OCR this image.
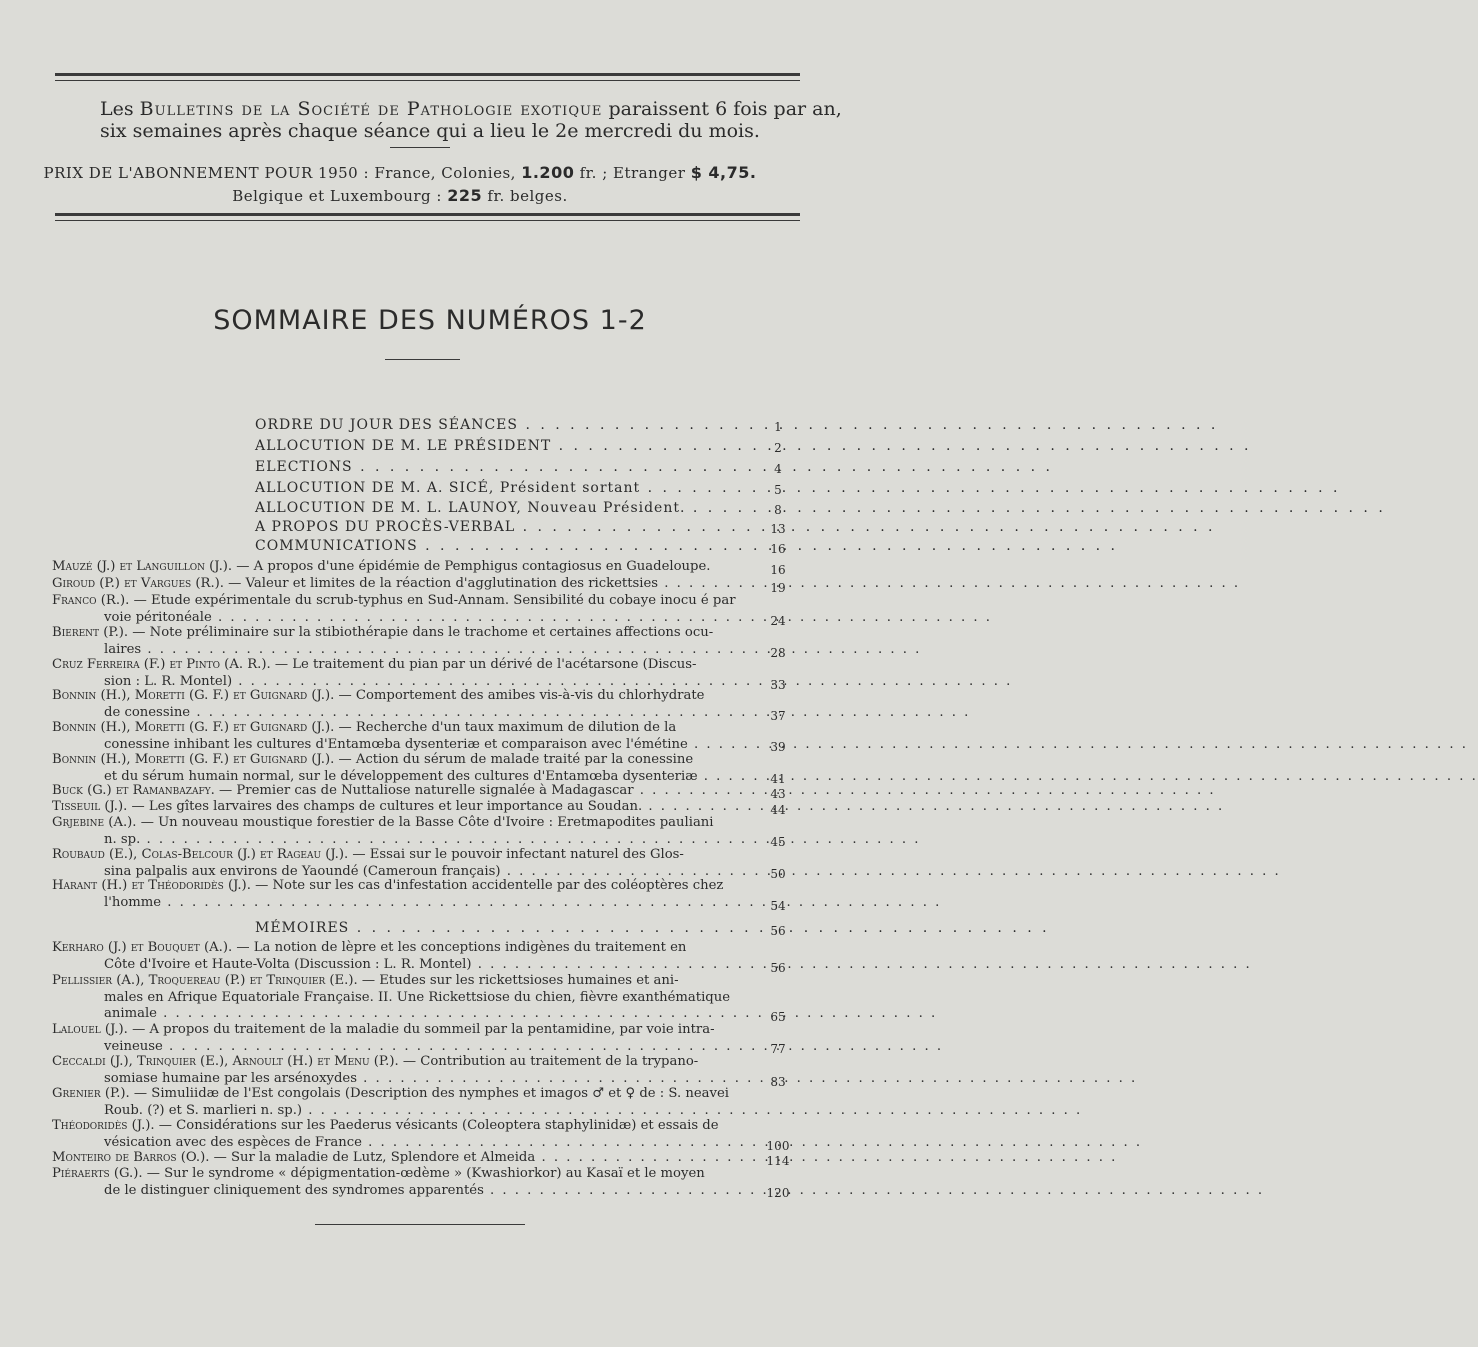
Les Bulletins de la Société de Pathologie exotique paraissent 6 fois par an,
six semaines après chaque séance qui a lieu le 2e mercredi du mois.
PRIX DE L'ABONNEMENT POUR 1950 : France, Colonies, 1.200 fr. ; Etranger $ 4,75.
Belgique et Luxembourg : 225 fr. belges.
SOMMAIRE DES NUMÉROS 1-2
ORDRE DU JOUR DES SÉANCES . . .	1
ALLOCUTION DE M. LE PRÉSIDENT . . .	2
ELECTIONS . . .	4
ALLOCUTION DE M. A. SICÉ, Président sortant . . .	5
ALLOCUTION DE M. L. LAUNOY, Nouveau Président. . . .	8
A PROPOS DU PROCÈS-VERBAL . . .	13
COMMUNICATIONS . . .	16
Mauzé (J.) et Languillon (J.). — A propos d'une épidémie de Pemphigus contagiosus en Guadeloupe.	16
Giroud (P.) et Vargues (R.). — Valeur et limites de la réaction d'agglutination des rickettsies . . .	19
Franco (R.). — Etude expérimentale du scrub-typhus en Sud-Annam. Sensibilité du cobaye inocu é par
voie péritonéale . . .	24
Bierent (P.). — Note préliminaire sur la stibiothérapie dans le trachome et certaines affections ocu-
laires . . .	28
Cruz Ferreira (F.) et Pinto (A. R.). — Le traitement du pian par un dérivé de l'acétarsone (Discus-
sion : L. R. Montel) . . .	33
Bonnin (H.), Moretti (G. F.) et Guignard (J.). — Comportement des amibes vis-à-vis du chlorhydrate
de conessine . . .	37
Bonnin (H.), Moretti (G. F.) et Guignard (J.). — Recherche d'un taux maximum de dilution de la
conessine inhibant les cultures d'Entamœba dysenteriæ et comparaison avec l'émétine . . .	39
Bonnin (H.), Moretti (G. F.) et Guignard (J.). — Action du sérum de malade traité par la conessine
et du sérum humain normal, sur le développement des cultures d'Entamœba dysenteriæ . . .	41
Buck (G.) et Ramanbazafy. — Premier cas de Nuttaliose naturelle signalée à Madagascar . . .	43
Tisseuil (J.). — Les gîtes larvaires des champs de cultures et leur importance au Soudan. . . .	44
Grjebine (A.). — Un nouveau moustique forestier de la Basse Côte d'Ivoire : Eretmapodites pauliani
n. sp. . . .	45
Roubaud (E.), Colas-Belcour (J.) et Rageau (J.). — Essai sur le pouvoir infectant naturel des Glos-
sina palpalis aux environs de Yaoundé (Cameroun français) . . .	50
Harant (H.) et Théodoridès (J.). — Note sur les cas d'infestation accidentelle par des coléoptères chez
l'homme . . .	54
MÉMOIRES . . .	56
Kerharo (J.) et Bouquet (A.). — La notion de lèpre et les conceptions indigènes du traitement en
Côte d'Ivoire et Haute-Volta (Discussion : L. R. Montel) . . .	56
Pellissier (A.), Troquereau (P.) et Trinquier (E.). — Etudes sur les rickettsioses humaines et ani-
males en Afrique Equatoriale Française. II. Une Rickettsiose du chien, fièvre exanthématique
animale . . .	65
Lalouel (J.). — A propos du traitement de la maladie du sommeil par la pentamidine, par voie intra-
veineuse . . .	77
Ceccaldi (J.), Trinquier (E.), Arnoult (H.) et Menu (P.). — Contribution au traitement de la trypano-
somiase humaine par les arsénoxydes . . .	83
Grenier (P.). — Simuliidæ de l'Est congolais (Description des nymphes et imagos ♂ et ♀ de : S. neavei
Roub. (?) et S. marlieri n. sp.) . . .
Théodoridès (J.). — Considérations sur les Paederus vésicants (Coleoptera staphylinidæ) et essais de
vésication avec des espèces de France . . .	100
Monteiro de Barros (O.). — Sur la maladie de Lutz, Splendore et Almeida . . .	114
Piéraerts (G.). — Sur le syndrome « dépigmentation-œdème » (Kwashiorkor) au Kasaï et le moyen
de le distinguer cliniquement des syndromes apparentés . . .	120
